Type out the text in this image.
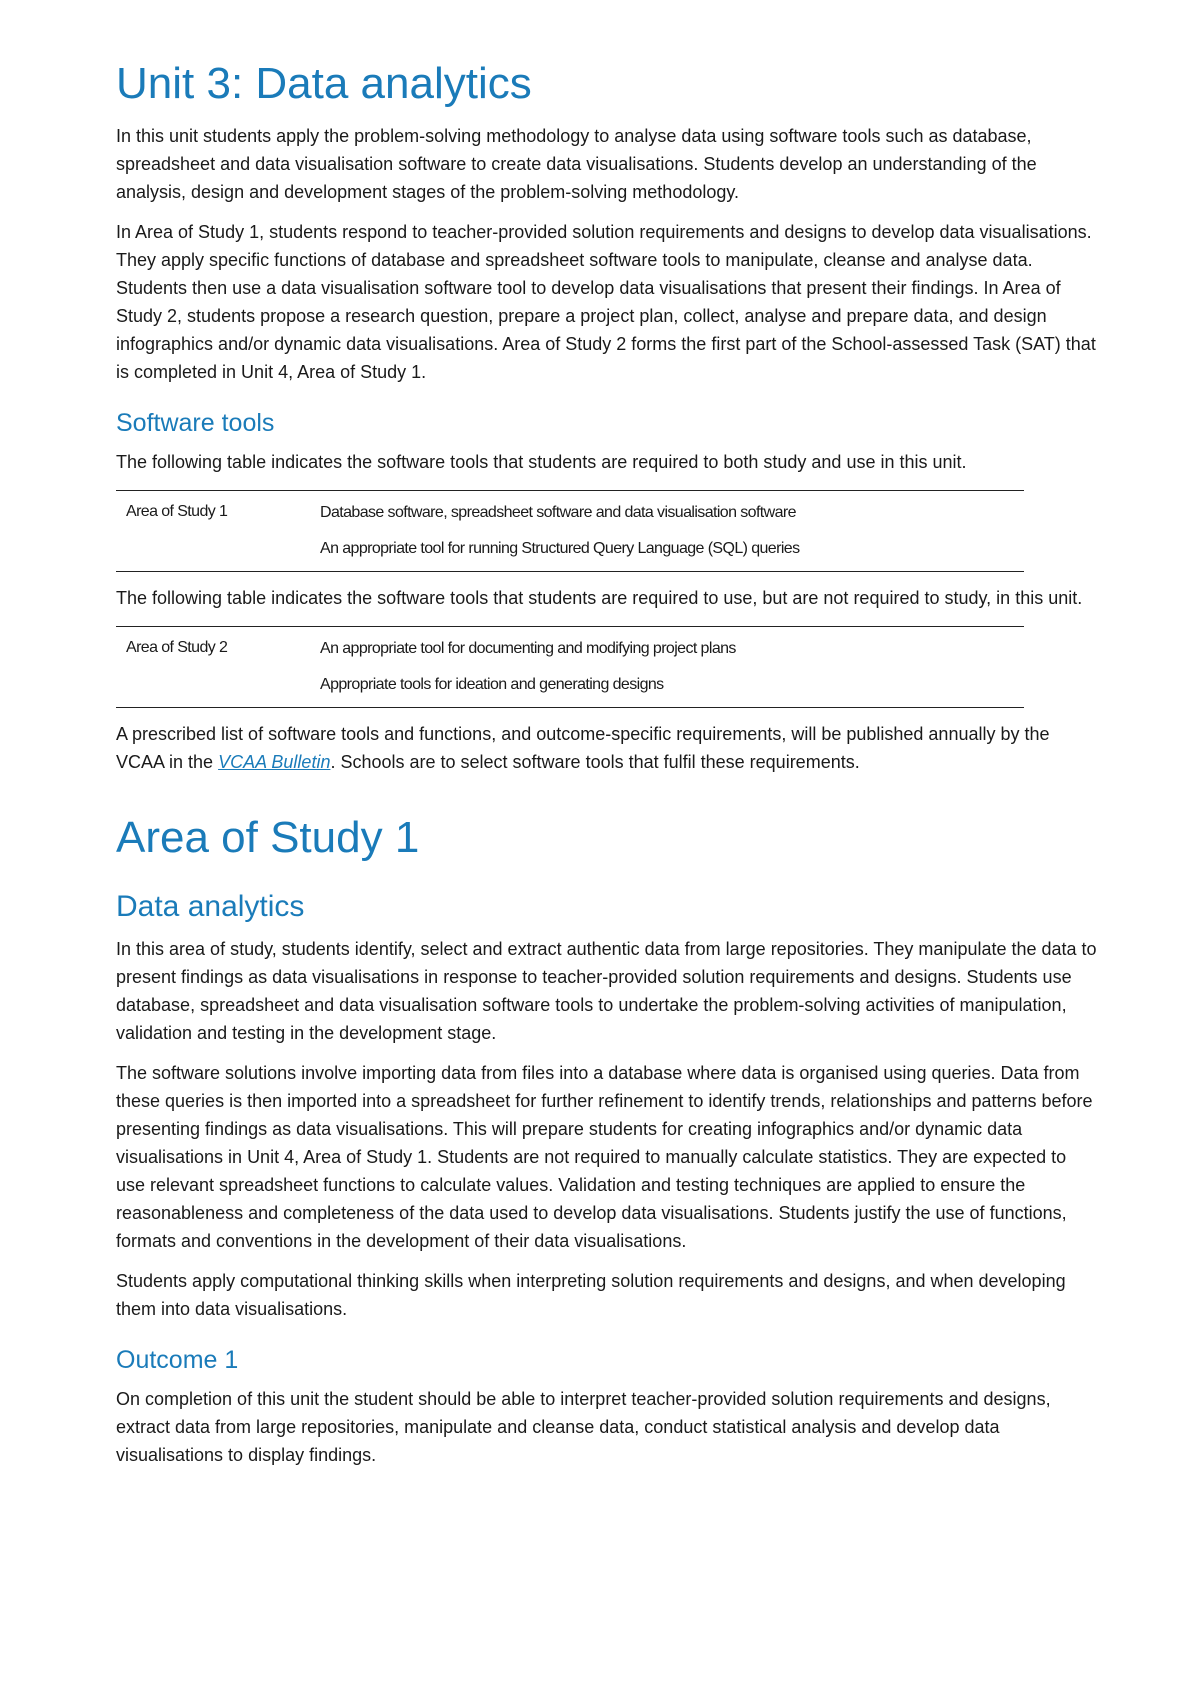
Unit 3: Data analytics

In this unit students apply the problem-solving methodology to analyse data using software tools such as database, spreadsheet and data visualisation software to create data visualisations. Students develop an understanding of the analysis, design and development stages of the problem-solving methodology.

In Area of Study 1, students respond to teacher-provided solution requirements and designs to develop data visualisations. They apply specific functions of database and spreadsheet software tools to manipulate, cleanse and analyse data. Students then use a data visualisation software tool to develop data visualisations that present their findings. In Area of Study 2, students propose a research question, prepare a project plan, collect, analyse and prepare data, and design infographics and/or dynamic data visualisations. Area of Study 2 forms the first part of the School-assessed Task (SAT) that is completed in Unit 4, Area of Study 1.

Software tools

The following table indicates the software tools that students are required to both study and use in this unit.

Area of Study 1	Database software, spreadsheet software and data visualisation software
An appropriate tool for running Structured Query Language (SQL) queries

The following table indicates the software tools that students are required to use, but are not required to study, in this unit.

Area of Study 2	An appropriate tool for documenting and modifying project plans
Appropriate tools for ideation and generating designs

A prescribed list of software tools and functions, and outcome-specific requirements, will be published annually by the VCAA in the VCAA Bulletin. Schools are to select software tools that fulfil these requirements.

Area of Study 1
Data analytics

In this area of study, students identify, select and extract authentic data from large repositories. They manipulate the data to present findings as data visualisations in response to teacher-provided solution requirements and designs. Students use database, spreadsheet and data visualisation software tools to undertake the problem-solving activities of manipulation, validation and testing in the development stage.

The software solutions involve importing data from files into a database where data is organised using queries. Data from these queries is then imported into a spreadsheet for further refinement to identify trends, relationships and patterns before presenting findings as data visualisations. This will prepare students for creating infographics and/or dynamic data visualisations in Unit 4, Area of Study 1. Students are not required to manually calculate statistics. They are expected to use relevant spreadsheet functions to calculate values. Validation and testing techniques are applied to ensure the reasonableness and completeness of the data used to develop data visualisations. Students justify the use of functions, formats and conventions in the development of their data visualisations.

Students apply computational thinking skills when interpreting solution requirements and designs, and when developing them into data visualisations.

Outcome 1

On completion of this unit the student should be able to interpret teacher-provided solution requirements and designs, extract data from large repositories, manipulate and cleanse data, conduct statistical analysis and develop data visualisations to display findings.
